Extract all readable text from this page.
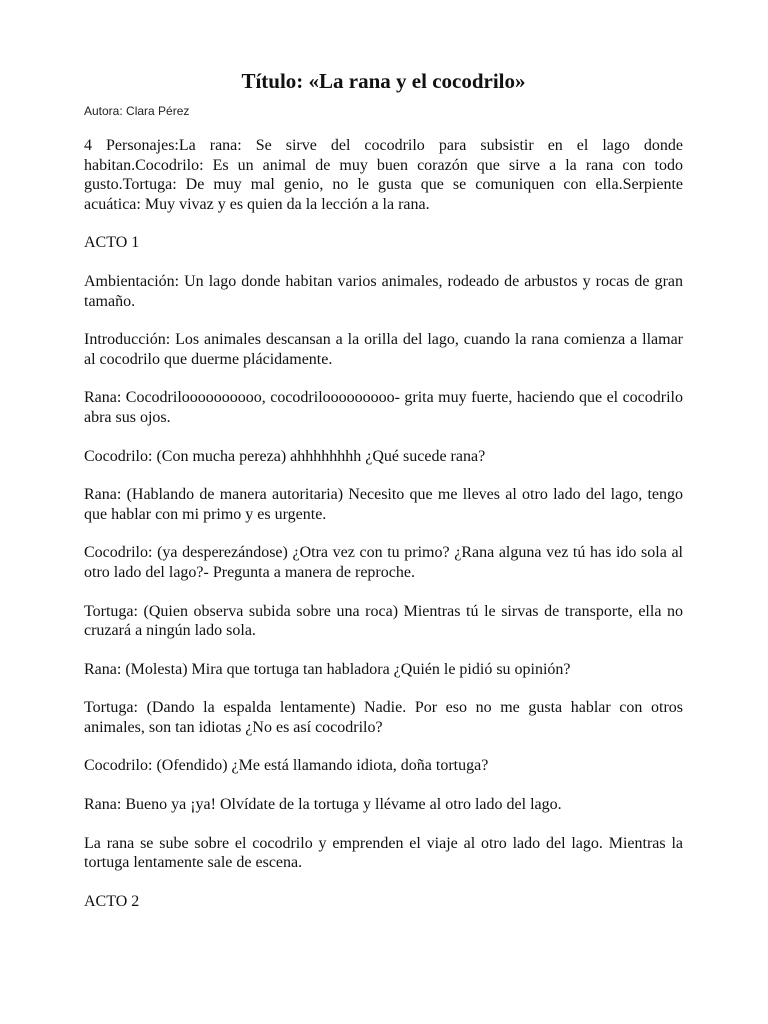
Título: «La rana y el cocodrilo»
Autora: Clara Pérez

4 Personajes:La rana: Se sirve del cocodrilo para subsistir en el lago donde habitan.Cocodrilo: Es un animal de muy buen corazón que sirve a la rana con todo gusto.Tortuga: De muy mal genio, no le gusta que se comuniquen con ella.Serpiente acuática: Muy vivaz y es quien da la lección a la rana.

ACTO 1

Ambientación: Un lago donde habitan varios animales, rodeado de arbustos y rocas de gran tamaño.

Introducción: Los animales descansan a la orilla del lago, cuando la rana comienza a llamar al cocodrilo que duerme plácidamente.

Rana: Cocodriloooooooooo, cocodrilooooooooo- grita muy fuerte, haciendo que el cocodrilo abra sus ojos.

Cocodrilo: (Con mucha pereza) ahhhhhhhh ¿Qué sucede rana?

Rana: (Hablando de manera autoritaria) Necesito que me lleves al otro lado del lago, tengo que hablar con mi primo y es urgente.

Cocodrilo: (ya desperezándose) ¿Otra vez con tu primo? ¿Rana alguna vez tú has ido sola al otro lado del lago?- Pregunta a manera de reproche.

Tortuga: (Quien observa subida sobre una roca) Mientras tú le sirvas de transporte, ella no cruzará a ningún lado sola.

Rana: (Molesta) Mira que tortuga tan habladora ¿Quién le pidió su opinión?

Tortuga: (Dando la espalda lentamente) Nadie. Por eso no me gusta hablar con otros animales, son tan idiotas ¿No es así cocodrilo?

Cocodrilo: (Ofendido) ¿Me está llamando idiota, doña tortuga?

Rana: Bueno ya ¡ya! Olvídate de la tortuga y llévame al otro lado del lago.

La rana se sube sobre el cocodrilo y emprenden el viaje al otro lado del lago. Mientras la tortuga lentamente sale de escena.

ACTO 2
